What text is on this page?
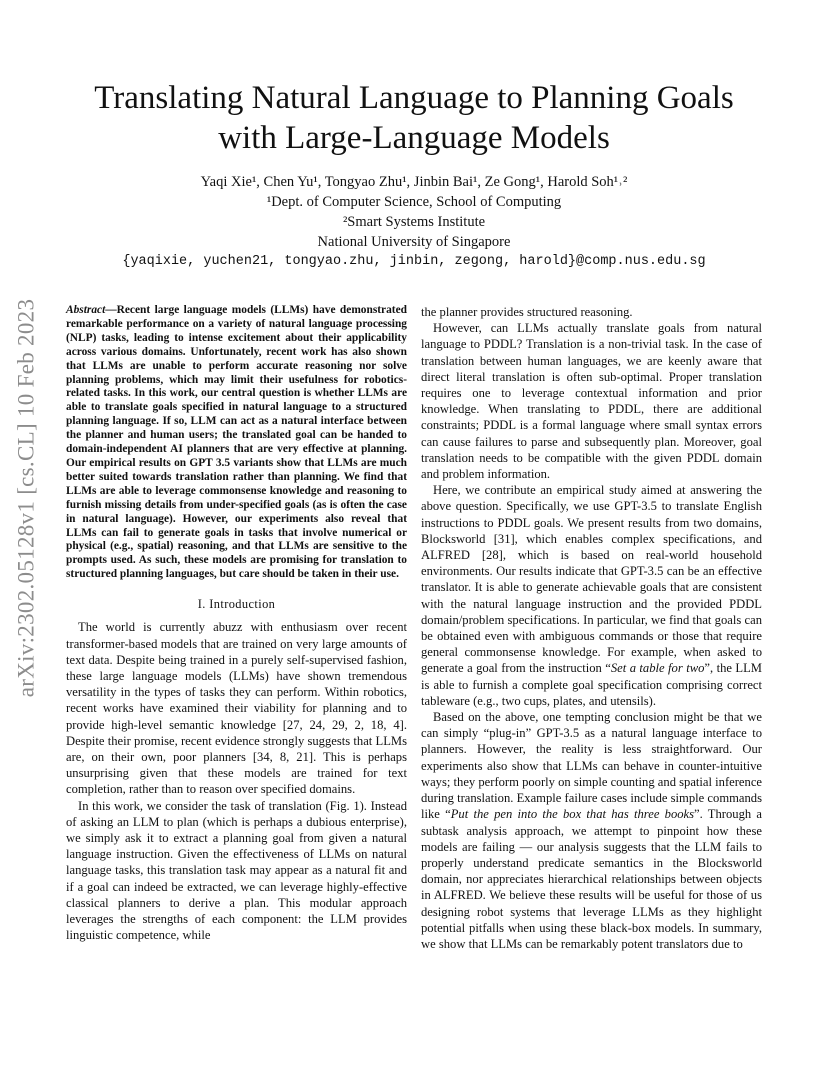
arXiv:2302.05128v1 [cs.CL] 10 Feb 2023
Translating Natural Language to Planning Goals
with Large-Language Models
Yaqi Xie¹, Chen Yu¹, Tongyao Zhu¹, Jinbin Bai¹, Ze Gong¹, Harold Soh¹˒²
¹Dept. of Computer Science, School of Computing
²Smart Systems Institute
National University of Singapore
{yaqixie, yuchen21, tongyao.zhu, jinbin, zegong, harold}@comp.nus.edu.sg
Abstract—Recent large language models (LLMs) have demonstrated remarkable performance on a variety of natural language processing (NLP) tasks, leading to intense excitement about their applicability across various domains. Unfortunately, recent work has also shown that LLMs are unable to perform accurate reasoning nor solve planning problems, which may limit their usefulness for robotics-related tasks. In this work, our central question is whether LLMs are able to translate goals specified in natural language to a structured planning language. If so, LLM can act as a natural interface between the planner and human users; the translated goal can be handed to domain-independent AI planners that are very effective at planning. Our empirical results on GPT 3.5 variants show that LLMs are much better suited towards translation rather than planning. We find that LLMs are able to leverage commonsense knowledge and reasoning to furnish missing details from under-specified goals (as is often the case in natural language). However, our experiments also reveal that LLMs can fail to generate goals in tasks that involve numerical or physical (e.g., spatial) reasoning, and that LLMs are sensitive to the prompts used. As such, these models are promising for translation to structured planning languages, but care should be taken in their use.
I. Introduction

The world is currently abuzz with enthusiasm over recent transformer-based models that are trained on very large amounts of text data. Despite being trained in a purely self-supervised fashion, these large language models (LLMs) have shown tremendous versatility in the types of tasks they can perform. Within robotics, recent works have examined their viability for planning and to provide high-level semantic knowledge [27, 24, 29, 2, 18, 4]. Despite their promise, recent evidence strongly suggests that LLMs are, on their own, poor planners [34, 8, 21]. This is perhaps unsurprising given that these models are trained for text completion, rather than to reason over specified domains.

In this work, we consider the task of translation (Fig. 1). Instead of asking an LLM to plan (which is perhaps a dubious enterprise), we simply ask it to extract a planning goal from given a natural language instruction. Given the effectiveness of LLMs on natural language tasks, this translation task may appear as a natural fit and if a goal can indeed be extracted, we can leverage highly-effective classical planners to derive a plan. This modular approach leverages the strengths of each component: the LLM provides linguistic competence, while

the planner provides structured reasoning.

However, can LLMs actually translate goals from natural language to PDDL? Translation is a non-trivial task. In the case of translation between human languages, we are keenly aware that direct literal translation is often sub-optimal. Proper translation requires one to leverage contextual information and prior knowledge. When translating to PDDL, there are additional constraints; PDDL is a formal language where small syntax errors can cause failures to parse and subsequently plan. Moreover, goal translation needs to be compatible with the given PDDL domain and problem information.

Here, we contribute an empirical study aimed at answering the above question. Specifically, we use GPT-3.5 to translate English instructions to PDDL goals. We present results from two domains, Blocksworld [31], which enables complex specifications, and ALFRED [28], which is based on real-world household environments. Our results indicate that GPT-3.5 can be an effective translator. It is able to generate achievable goals that are consistent with the natural language instruction and the provided PDDL domain/problem specifications. In particular, we find that goals can be obtained even with ambiguous commands or those that require general commonsense knowledge. For example, when asked to generate a goal from the instruction “Set a table for two”, the LLM is able to furnish a complete goal specification comprising correct tableware (e.g., two cups, plates, and utensils).

Based on the above, one tempting conclusion might be that we can simply “plug-in” GPT-3.5 as a natural language interface to planners. However, the reality is less straightforward. Our experiments also show that LLMs can behave in counter-intuitive ways; they perform poorly on simple counting and spatial inference during translation. Example failure cases include simple commands like “Put the pen into the box that has three books”. Through a subtask analysis approach, we attempt to pinpoint how these models are failing — our analysis suggests that the LLM fails to properly understand predicate semantics in the Blocksworld domain, nor appreciates hierarchical relationships between objects in ALFRED. We believe these results will be useful for those of us designing robot systems that leverage LLMs as they highlight potential pitfalls when using these black-box models. In summary, we show that LLMs can be remarkably potent translators due to
